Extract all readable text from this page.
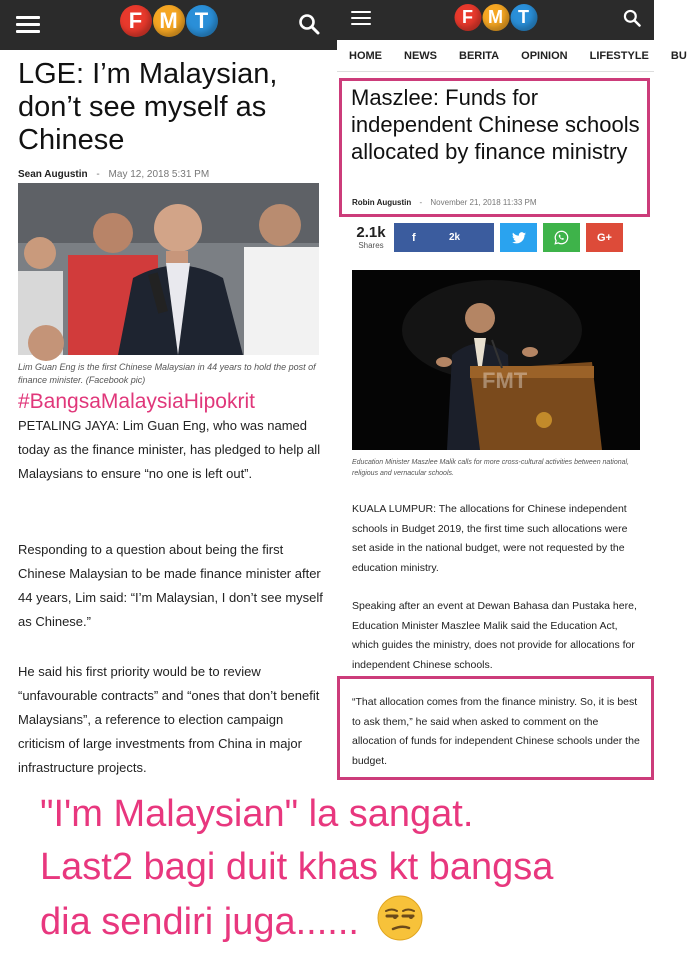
F M T
LGE: I’m Malaysian, don’t see myself as Chinese
Sean Augustin - May 12, 2018 5:31 PM

Lim Guan Eng is the first Chinese Malaysian in 44 years to hold the post of finance minister. (Facebook pic)

#BangsaMalaysiaHipokrit

PETALING JAYA: Lim Guan Eng, who was named today as the finance minister, has pledged to help all Malaysians to ensure “no one is left out”.

Responding to a question about being the first Chinese Malaysian to be made finance minister after 44 years, Lim said: “I’m Malaysian, I don’t see myself as Chinese.”

He said his first priority would be to review “unfavourable contracts” and “ones that don’t benefit Malaysians”, a reference to election campaign criticism of large investments from China in major infrastructure projects.

F M T
HOME NEWS BERITA OPINION LIFESTYLE BU
Maszlee: Funds for independent Chinese schools allocated by finance ministry
Robin Augustin - November 21, 2018 11:33 PM
2.1k
Shares
f	2k	G+
FMT

Education Minister Maszlee Malik calls for more cross-cultural activities between national, religious and vernacular schools.

KUALA LUMPUR: The allocations for Chinese independent schools in Budget 2019, the first time such allocations were set aside in the national budget, were not requested by the education ministry.

Speaking after an event at Dewan Bahasa dan Pustaka here, Education Minister Maszlee Malik said the Education Act, which guides the ministry, does not provide for allocations for independent Chinese schools.

“That allocation comes from the finance ministry. So, it is best to ask them,” he said when asked to comment on the allocation of funds for independent Chinese schools under the budget.

"I'm Malaysian" la sangat.
Last2 bagi duit khas kt bangsa
dia sendiri juga......
